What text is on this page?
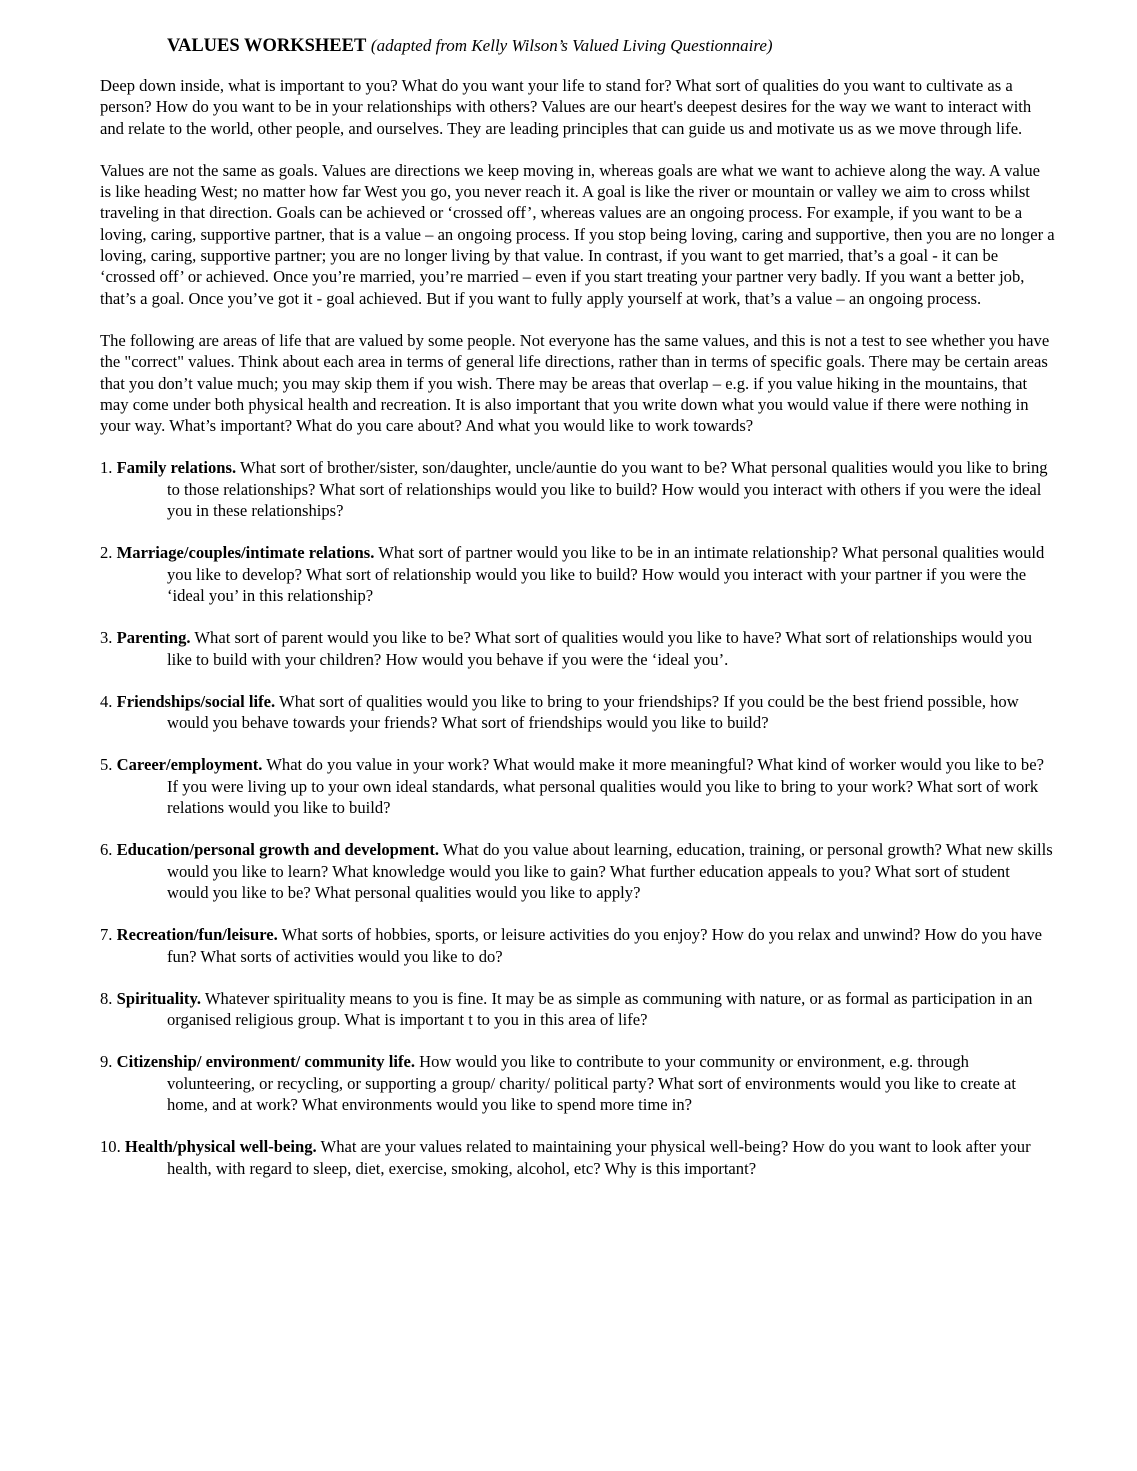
VALUES WORKSHEET (adapted from Kelly Wilson’s Valued Living Questionnaire)

Deep down inside, what is important to you? What do you want your life to stand for? What sort of qualities do you want to cultivate as a person? How do you want to be in your relationships with others? Values are our heart's deepest desires for the way we want to interact with and relate to the world, other people, and ourselves. They are leading principles that can guide us and motivate us as we move through life.

Values are not the same as goals. Values are directions we keep moving in, whereas goals are what we want to achieve along the way. A value is like heading West; no matter how far West you go, you never reach it. A goal is like the river or mountain or valley we aim to cross whilst traveling in that direction. Goals can be achieved or ‘crossed off’, whereas values are an ongoing process. For example, if you want to be a loving, caring, supportive partner, that is a value – an ongoing process. If you stop being loving, caring and supportive, then you are no longer a loving, caring, supportive partner; you are no longer living by that value. In contrast, if you want to get married, that’s a goal - it can be ‘crossed off’ or achieved. Once you’re married, you’re married – even if you start treating your partner very badly. If you want a better job, that’s a goal. Once you’ve got it - goal achieved. But if you want to fully apply yourself at work, that’s a value – an ongoing process.

The following are areas of life that are valued by some people. Not everyone has the same values, and this is not a test to see whether you have the "correct" values. Think about each area in terms of general life directions, rather than in terms of specific goals. There may be certain areas that you don’t value much; you may skip them if you wish. There may be areas that overlap – e.g. if you value hiking in the mountains, that may come under both physical health and recreation. It is also important that you write down what you would value if there were nothing in your way. What’s important? What do you care about? And what you would like to work towards?

1. Family relations. What sort of brother/sister, son/daughter, uncle/auntie do you want to be? What personal qualities would you like to bring to those relationships? What sort of relationships would you like to build? How would you interact with others if you were the ideal you in these relationships?
2. Marriage/couples/intimate relations. What sort of partner would you like to be in an intimate relationship? What personal qualities would you like to develop? What sort of relationship would you like to build? How would you interact with your partner if you were the ‘ideal you’ in this relationship?
3. Parenting. What sort of parent would you like to be? What sort of qualities would you like to have? What sort of relationships would you like to build with your children? How would you behave if you were the ‘ideal you’.
4. Friendships/social life. What sort of qualities would you like to bring to your friendships? If you could be the best friend possible, how would you behave towards your friends? What sort of friendships would you like to build?
5. Career/employment. What do you value in your work? What would make it more meaningful? What kind of worker would you like to be? If you were living up to your own ideal standards, what personal qualities would you like to bring to your work? What sort of work relations would you like to build?
6. Education/personal growth and development. What do you value about learning, education, training, or personal growth? What new skills would you like to learn? What knowledge would you like to gain? What further education appeals to you? What sort of student would you like to be? What personal qualities would you like to apply?
7. Recreation/fun/leisure. What sorts of hobbies, sports, or leisure activities do you enjoy? How do you relax and unwind? How do you have fun? What sorts of activities would you like to do?
8. Spirituality. Whatever spirituality means to you is fine. It may be as simple as communing with nature, or as formal as participation in an organised religious group. What is important t to you in this area of life?
9. Citizenship/ environment/ community life. How would you like to contribute to your community or environment, e.g. through volunteering, or recycling, or supporting a group/ charity/ political party? What sort of environments would you like to create at home, and at work? What environments would you like to spend more time in?
10. Health/physical well-being. What are your values related to maintaining your physical well-being? How do you want to look after your health, with regard to sleep, diet, exercise, smoking, alcohol, etc? Why is this important?
